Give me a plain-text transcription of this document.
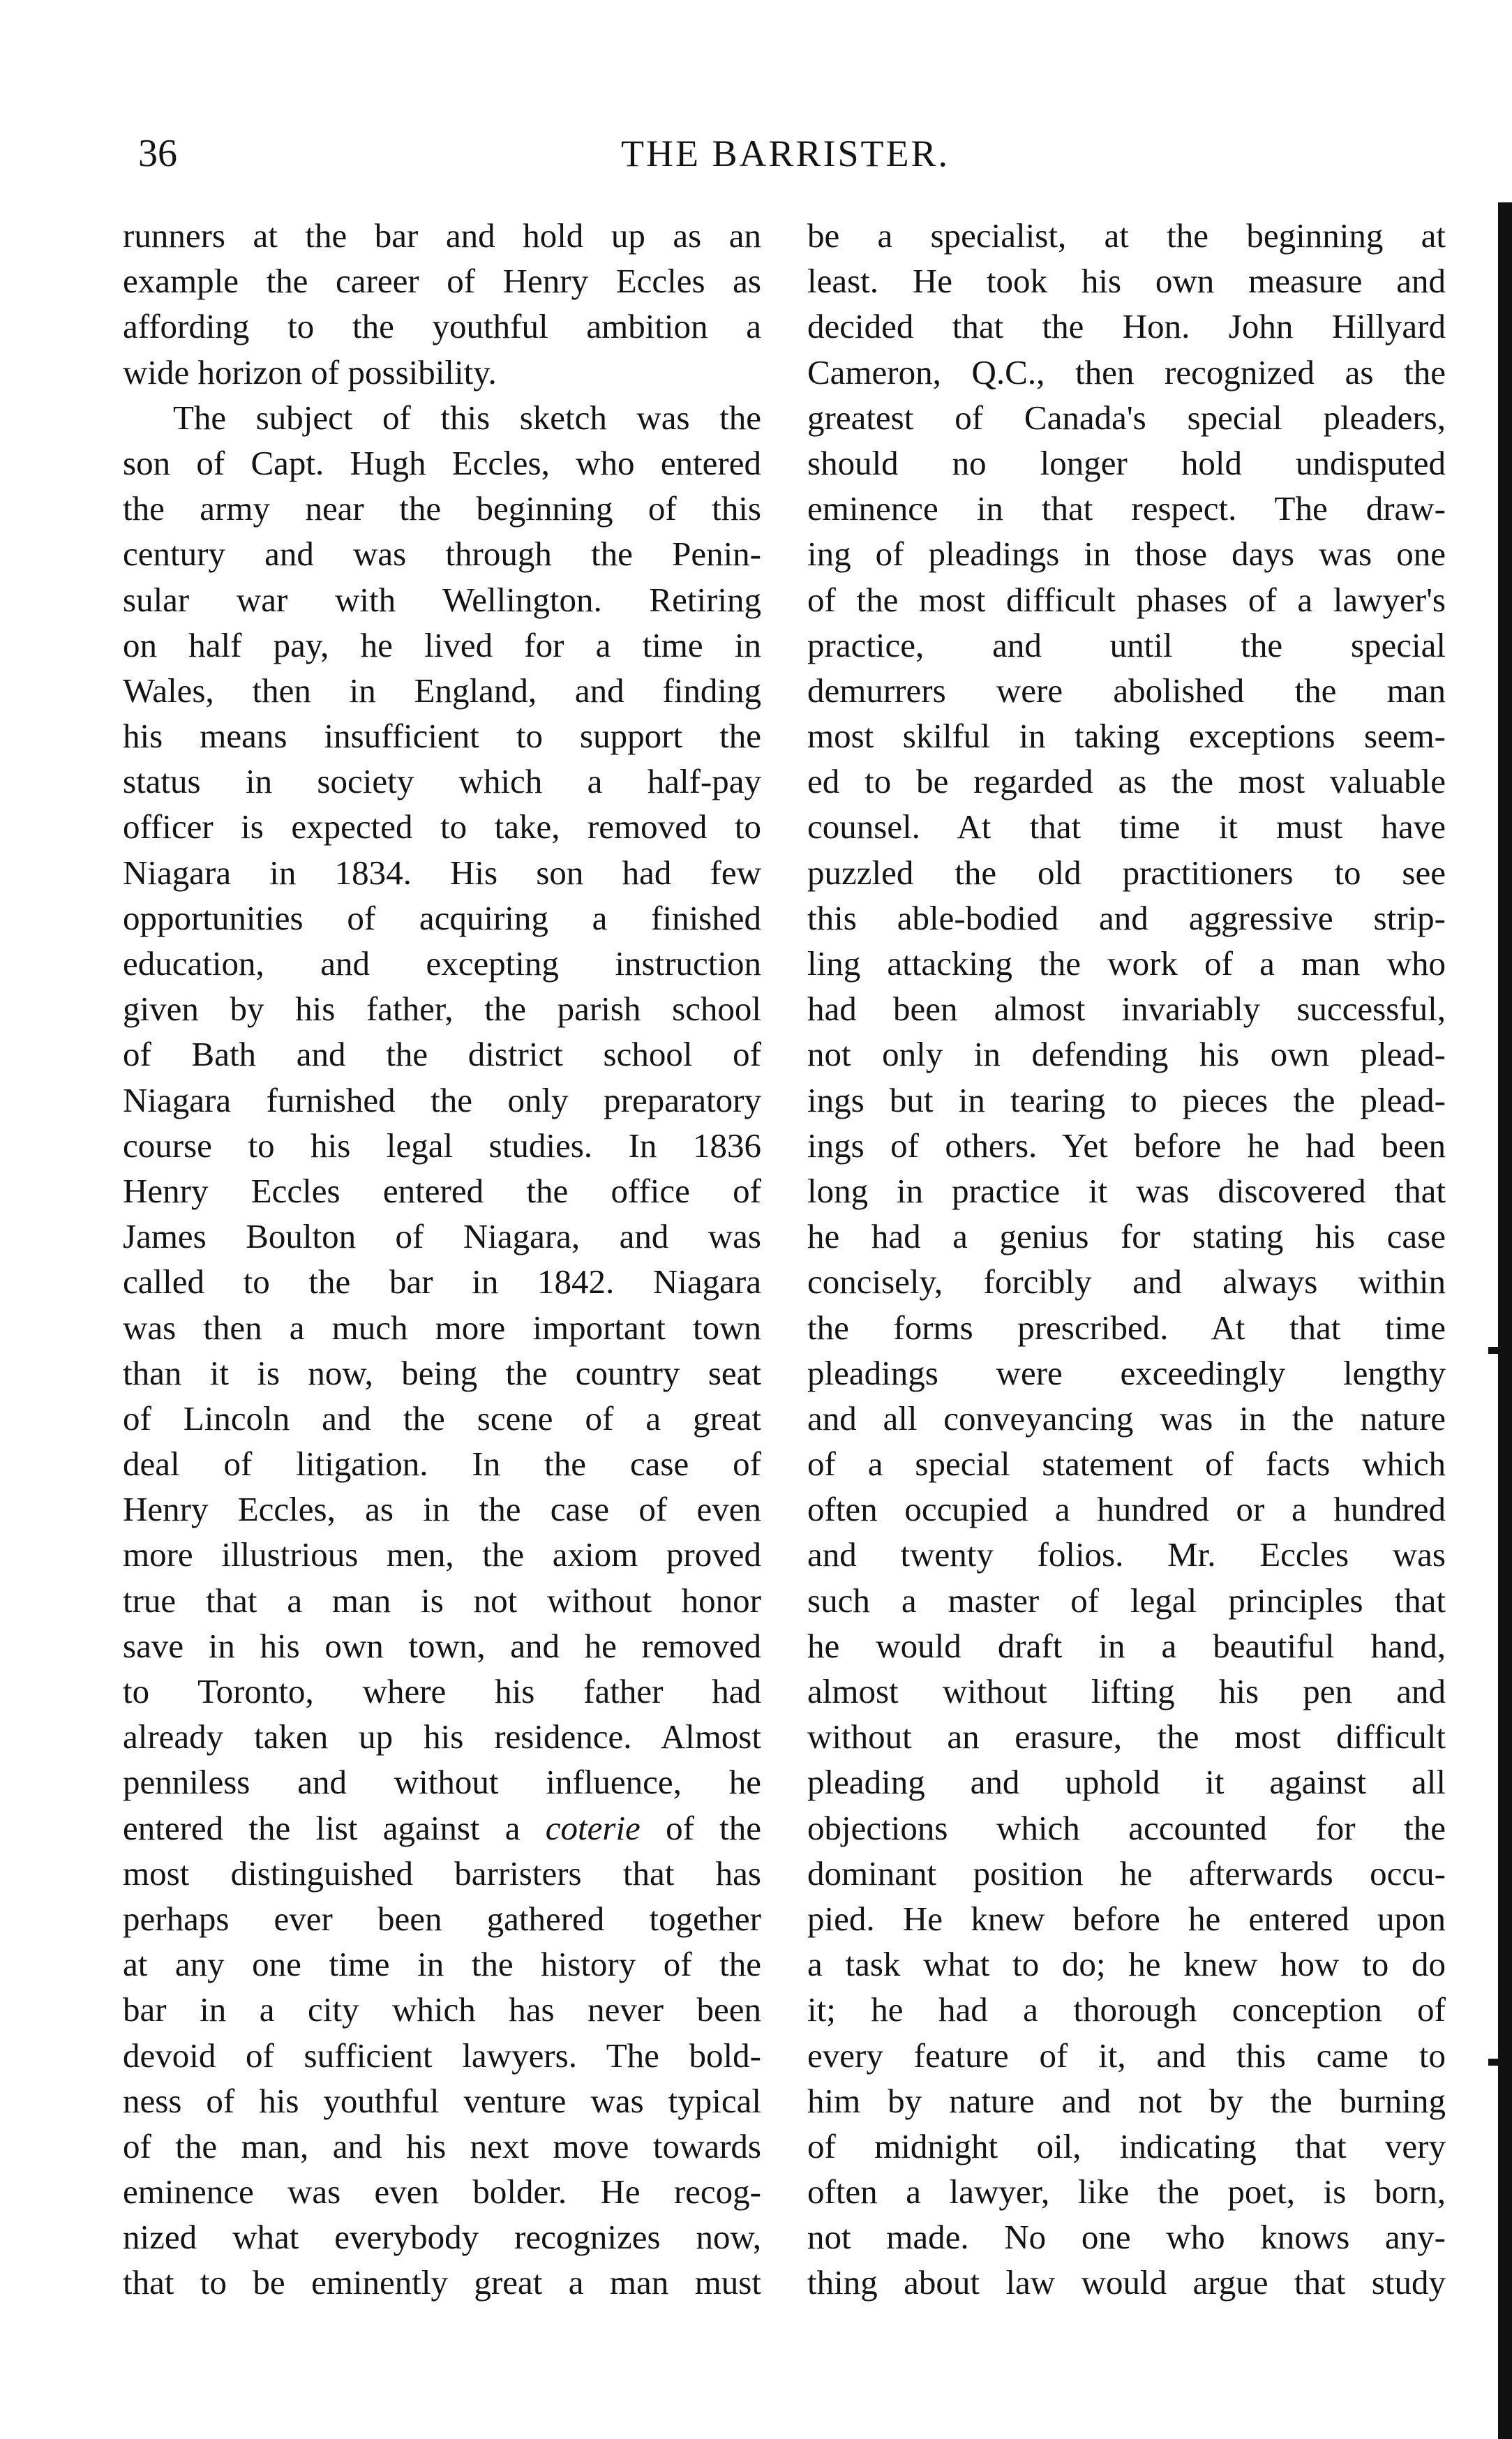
36	THE BARRISTER.
runners at the bar and hold up as an
example the career of Henry Eccles as
affording to the youthful ambition a
wide horizon of possibility.
The subject of this sketch was the
son of Capt. Hugh Eccles, who entered
the army near the beginning of this
century and was through the Penin-
sular war with Wellington. Retiring
on half pay, he lived for a time in
Wales, then in England, and finding
his means insufficient to support the
status in society which a half-pay
officer is expected to take, removed to
Niagara in 1834. His son had few
opportunities of acquiring a finished
education, and excepting instruction
given by his father, the parish school
of Bath and the district school of
Niagara furnished the only preparatory
course to his legal studies. In 1836
Henry Eccles entered the office of
James Boulton of Niagara, and was
called to the bar in 1842. Niagara
was then a much more important town
than it is now, being the country seat
of Lincoln and the scene of a great
deal of litigation. In the case of
Henry Eccles, as in the case of even
more illustrious men, the axiom proved
true that a man is not without honor
save in his own town, and he removed
to Toronto, where his father had
already taken up his residence. Almost
penniless and without influence, he
entered the list against a coterie of the
most distinguished barristers that has
perhaps ever been gathered together
at any one time in the history of the
bar in a city which has never been
devoid of sufficient lawyers. The bold-
ness of his youthful venture was typical
of the man, and his next move towards
eminence was even bolder. He recog-
nized what everybody recognizes now,
that to be eminently great a man must
be a specialist, at the beginning at
least. He took his own measure and
decided that the Hon. John Hillyard
Cameron, Q.C., then recognized as the
greatest of Canada's special pleaders,
should no longer hold undisputed
eminence in that respect. The draw-
ing of pleadings in those days was one
of the most difficult phases of a lawyer's
practice, and until the special
demurrers were abolished the man
most skilful in taking exceptions seem-
ed to be regarded as the most valuable
counsel. At that time it must have
puzzled the old practitioners to see
this able-bodied and aggressive strip-
ling attacking the work of a man who
had been almost invariably successful,
not only in defending his own plead-
ings but in tearing to pieces the plead-
ings of others. Yet before he had been
long in practice it was discovered that
he had a genius for stating his case
concisely, forcibly and always within
the forms prescribed. At that time
pleadings were exceedingly lengthy
and all conveyancing was in the nature
of a special statement of facts which
often occupied a hundred or a hundred
and twenty folios. Mr. Eccles was
such a master of legal principles that
he would draft in a beautiful hand,
almost without lifting his pen and
without an erasure, the most difficult
pleading and uphold it against all
objections which accounted for the
dominant position he afterwards occu-
pied. He knew before he entered upon
a task what to do; he knew how to do
it; he had a thorough conception of
every feature of it, and this came to
him by nature and not by the burning
of midnight oil, indicating that very
often a lawyer, like the poet, is born,
not made. No one who knows any-
thing about law would argue that study
